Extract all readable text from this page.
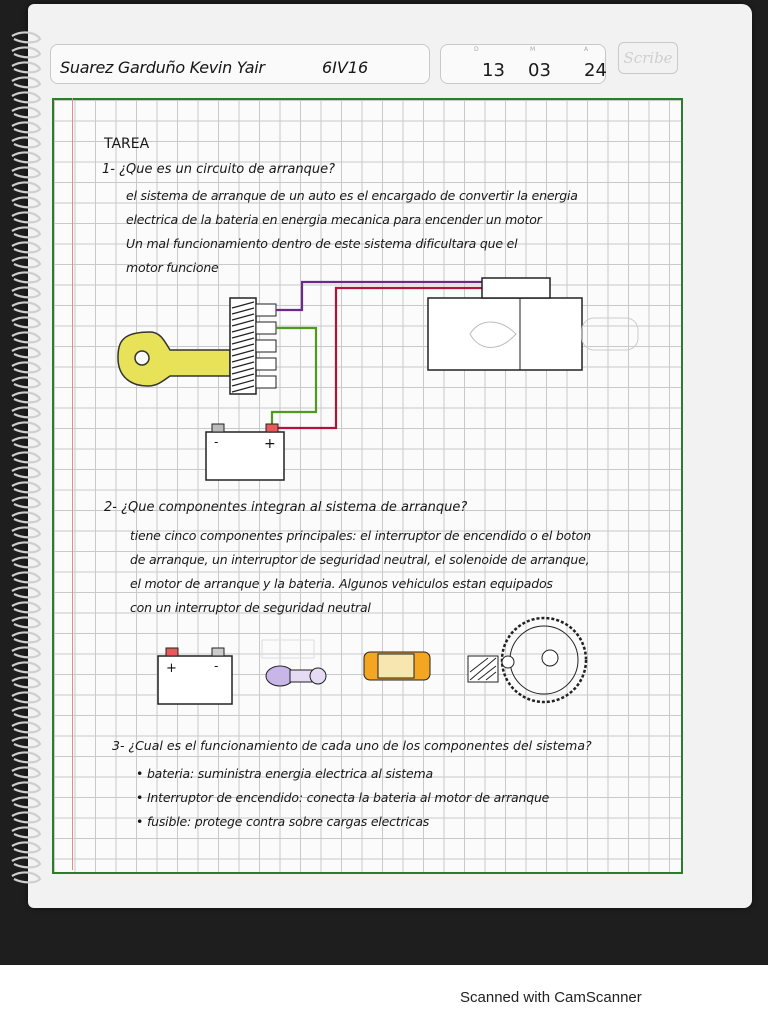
Suarez Garduño Kevin Yair	6IV16
D	M	A
13 03 24
Scribe
TAREA
1- ¿Que es un circuito de arranque?
el sistema de arranque de un auto es el encargado de convertir la energia
electrica de la bateria en energia mecanica para encender un motor
Un mal funcionamiento dentro de este sistema dificultara que el
motor funcione
2- ¿Que componentes integran al sistema de arranque?
tiene cinco componentes principales: el interruptor de encendido o el boton
de arranque, un interruptor de seguridad neutral, el solenoide de arranque,
el motor de arranque y la bateria. Algunos vehiculos estan equipados
con un interruptor de seguridad neutral
3- ¿Cual es el funcionamiento de cada uno de los componentes del sistema?
• bateria: suministra energia electrica al sistema
• Interruptor de encendido: conecta la bateria al motor de arranque
• fusible: protege contra sobre cargas electricas
-	+
+	-
Scanned with CamScanner
